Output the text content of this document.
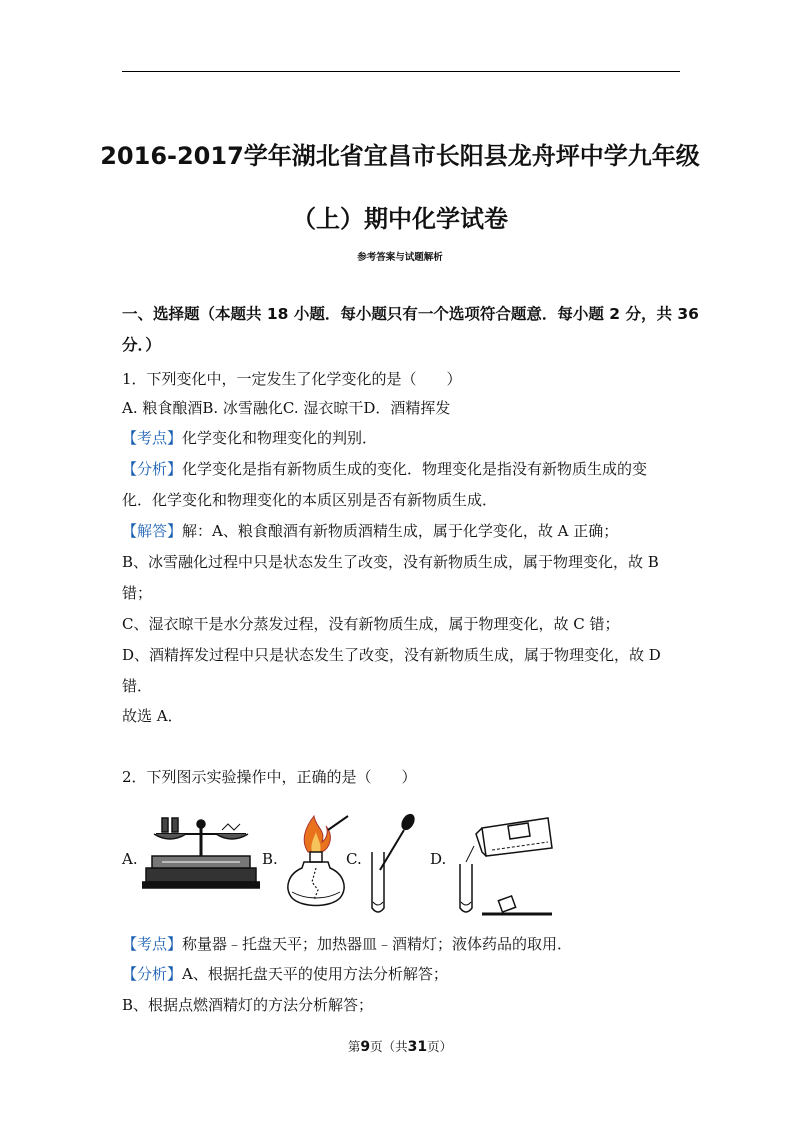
2016-2017学年湖北省宜昌市长阳县龙舟坪中学九年级
（上）期中化学试卷
参考答案与试题解析
一、选择题（本题共 18 小题．每小题只有一个选项符合题意．每小题 2 分，共 36
分．）
1．下列变化中，一定发生了化学变化的是（　　）
A. 粮食酿酒B. 冰雪融化C. 湿衣晾干D．酒精挥发
【考点】化学变化和物理变化的判别．
【分析】化学变化是指有新物质生成的变化．物理变化是指没有新物质生成的变
化．化学变化和物理变化的本质区别是否有新物质生成．
【解答】解：A、粮食酿酒有新物质酒精生成，属于化学变化，故 A 正确；
B、冰雪融化过程中只是状态发生了改变，没有新物质生成，属于物理变化，故 B
错；
C、湿衣晾干是水分蒸发过程，没有新物质生成，属于物理变化，故 C 错；
D、酒精挥发过程中只是状态发生了改变，没有新物质生成，属于物理变化，故 D
错．
故选 A．
2．下列图示实验操作中，正确的是（　　）
A.	B.	C.	D.
【考点】称量器﹣托盘天平；加热器皿﹣酒精灯；液体药品的取用．
【分析】A、根据托盘天平的使用方法分析解答；
B、根据点燃酒精灯的方法分析解答；
第9页（共31页）
